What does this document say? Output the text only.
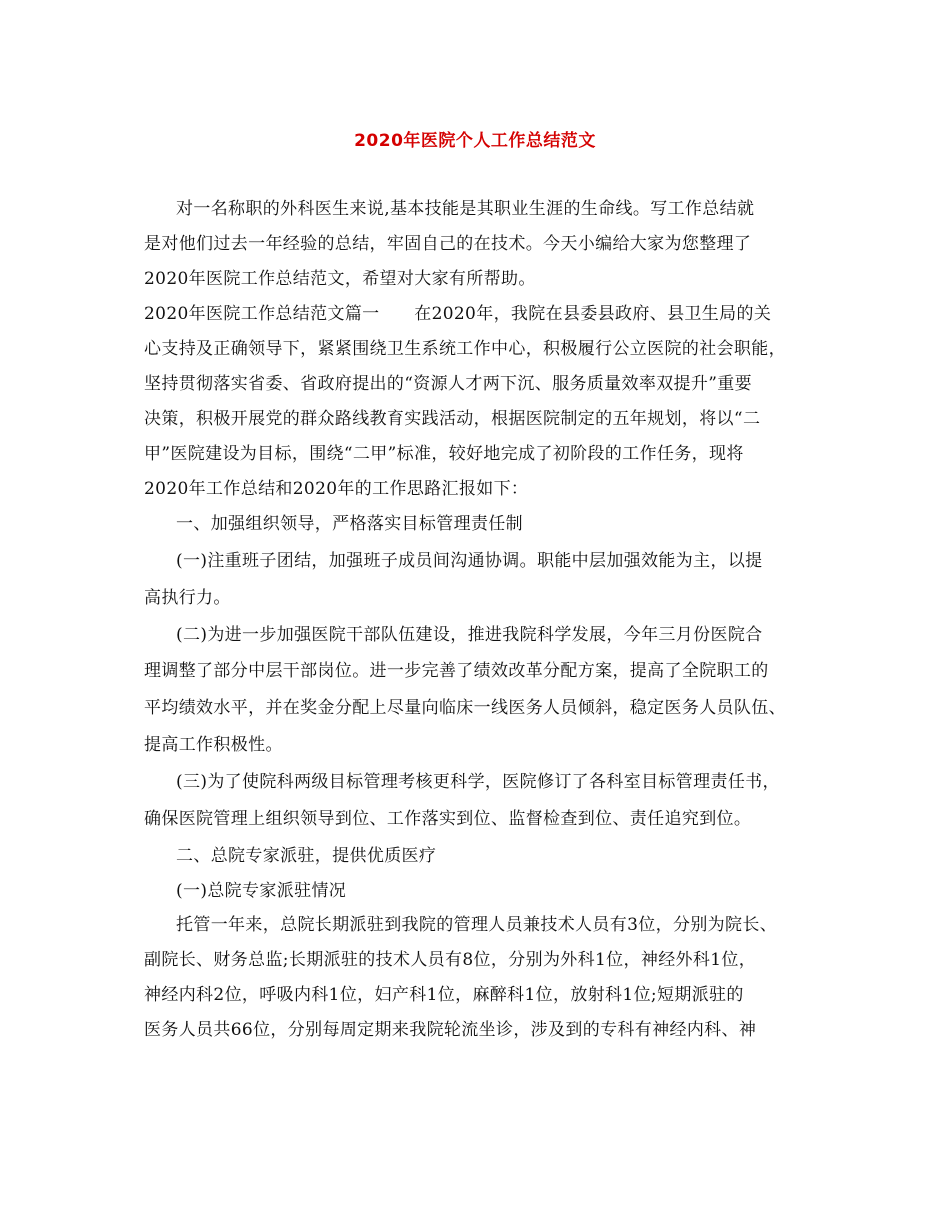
2020年医院个人工作总结范文
对一名称职的外科医生来说,基本技能是其职业生涯的生命线。写工作总结就
是对他们过去一年经验的总结，牢固自己的在技术。今天小编给大家为您整理了
2020年医院工作总结范文，希望对大家有所帮助。
2020年医院工作总结范文篇一　　在2020年，我院在县委县政府、县卫生局的关
心支持及正确领导下，紧紧围绕卫生系统工作中心，积极履行公立医院的社会职能，
坚持贯彻落实省委、省政府提出的“资源人才两下沉、服务质量效率双提升”重要
决策，积极开展党的群众路线教育实践活动，根据医院制定的五年规划，将以“二
甲”医院建设为目标，围绕“二甲”标准，较好地完成了初阶段的工作任务，现将
2020年工作总结和2020年的工作思路汇报如下：
一、加强组织领导，严格落实目标管理责任制
(一)注重班子团结，加强班子成员间沟通协调。职能中层加强效能为主，以提
高执行力。
(二)为进一步加强医院干部队伍建设，推进我院科学发展，今年三月份医院合
理调整了部分中层干部岗位。进一步完善了绩效改革分配方案，提高了全院职工的
平均绩效水平，并在奖金分配上尽量向临床一线医务人员倾斜，稳定医务人员队伍、
提高工作积极性。
(三)为了使院科两级目标管理考核更科学，医院修订了各科室目标管理责任书，
确保医院管理上组织领导到位、工作落实到位、监督检查到位、责任追究到位。
二、总院专家派驻，提供优质医疗
(一)总院专家派驻情况
托管一年来，总院长期派驻到我院的管理人员兼技术人员有3位，分别为院长、
副院长、财务总监;长期派驻的技术人员有8位，分别为外科1位，神经外科1位，
神经内科2位，呼吸内科1位，妇产科1位，麻醉科1位，放射科1位;短期派驻的
医务人员共66位，分别每周定期来我院轮流坐诊，涉及到的专科有神经内科、神
